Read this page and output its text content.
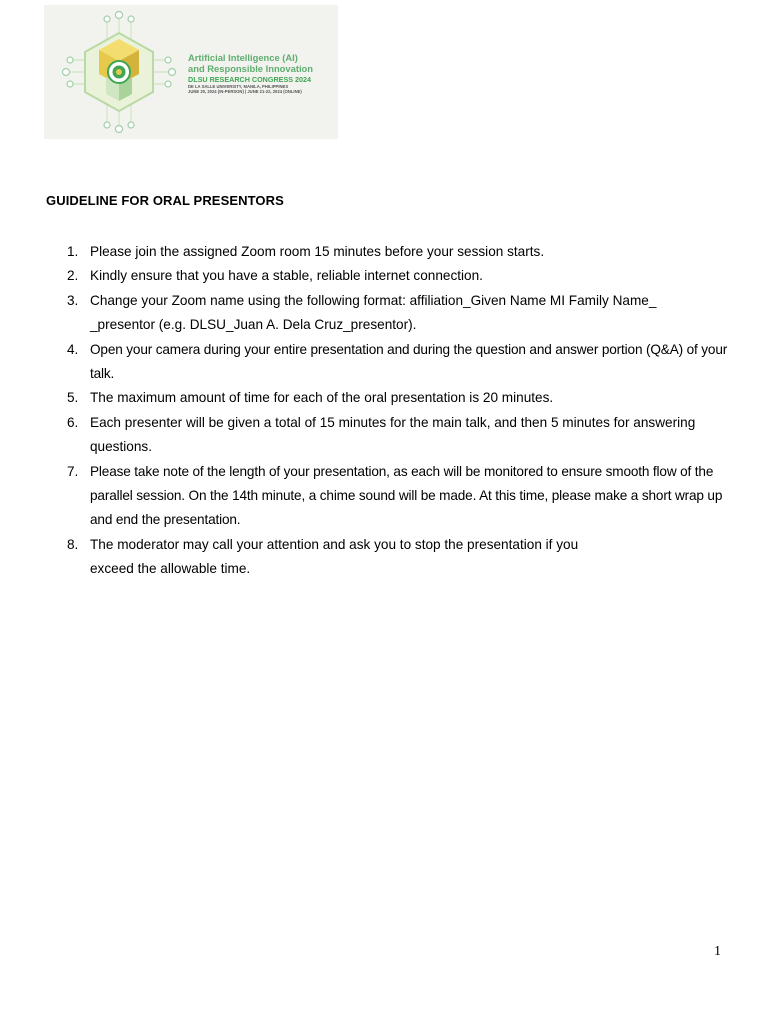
Artificial Intelligence (AI)
and Responsible Innovation
DLSU RESEARCH CONGRESS 2024
DE LA SALLE UNIVERSITY, MANILA, PHILIPPINES
JUNE 20, 2024 (IN-PERSON) | JUNE 21-22, 2024 (ONLINE)
GUIDELINE FOR ORAL PRESENTORS
1. Please join the assigned Zoom room 15 minutes before your session starts.
2. Kindly ensure that you have a stable, reliable internet connection.
3. Change your Zoom name using the following format: affiliation_Given Name MI Family Name_ _presentor (e.g. DLSU_Juan A. Dela Cruz_presentor).
4. Open your camera during your entire presentation and during the question and answer portion (Q&A) of your talk.
5. The maximum amount of time for each of the oral presentation is 20 minutes.
6. Each presenter will be given a total of 15 minutes for the main talk, and then 5 minutes for answering questions.
7. Please take note of the length of your presentation, as each will be monitored to ensure smooth flow of the parallel session. On the 14th minute, a chime sound will be made. At this time, please make a short wrap up and end the presentation.
8. The moderator may call your attention and ask you to stop the presentation if you
exceed the allowable time.
1
